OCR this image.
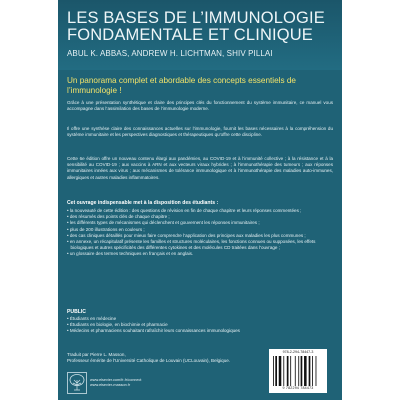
LES BASES DE L’IMMUNOLOGIE
FONDAMENTALE ET CLINIQUE
ABUL K. ABBAS, ANDREW H. LICHTMAN, SHIV PILLAI

Un panorama complet et abordable des concepts essentiels de l’immunologie !

Grâce à une présentation synthétique et claire des principes clés du fonctionnement du système immunitaire, ce manuel vous accompagne dans l’assimilation des bases de l’immunologie moderne.

Il offre une synthèse claire des connaissances actuelles sur l’immunologie, fournit les bases nécessaires à la compréhension du système immunitaire et les perspectives diagnostiques et thérapeutiques qu’offre cette discipline.

Cette 6e édition offre un nouveau contenu élargi aux pandémies, au COVID-19 et à l’immunité collective ; à la résistance et à la sensibilité au COVID-19 ; aux vaccins à ARN et aux vecteurs viraux hybrides ; à l’immunothérapie des tumeurs ; aux réponses immunitaires innées aux virus ; aux mécanismes de tolérance immunologique et à l’immunothérapie des maladies auto-immunes, allergiques et autres maladies inflammatoires.

Cet ouvrage indispensable met à la disposition des étudiants :

• la nouveauté de cette édition : des questions de révision en fin de chaque chapitre et leurs réponses commentées ;
• des résumés des points clés de chaque chapitre ;
• les différents types de mécanismes qui déclenchent et gouvernent les réponses immunitaires ;
• plus de 200 illustrations en couleurs ;
• des cas cliniques détaillés pour mieux faire comprendre l’application des principes aux maladies les plus communes ;
• en annexe, un récapitulatif présente les familles et structures moléculaires, les fonctions connues ou supposées, les effets biologiques et autres spécificités des différentes cytokines et des molécules CD traitées dans l’ouvrage ;
• un glossaire des termes techniques en français et en anglais.

PUBLIC

• Étudiants en médecine
• Étudiants en biologie, en biochimie et pharmacie
• Médecins et pharmaciens souhaitant rafraîchir leurs connaissances immunologiques

Traduit par Pierre L. Masson,
Professeur émérite de l’Université Catholique de Louvain (UCLouvain), Belgique.

www.elsevier.com/fr-fr/connect
www.elsevier-masson.fr
978-2-294-78447-3
9 782294 784473
